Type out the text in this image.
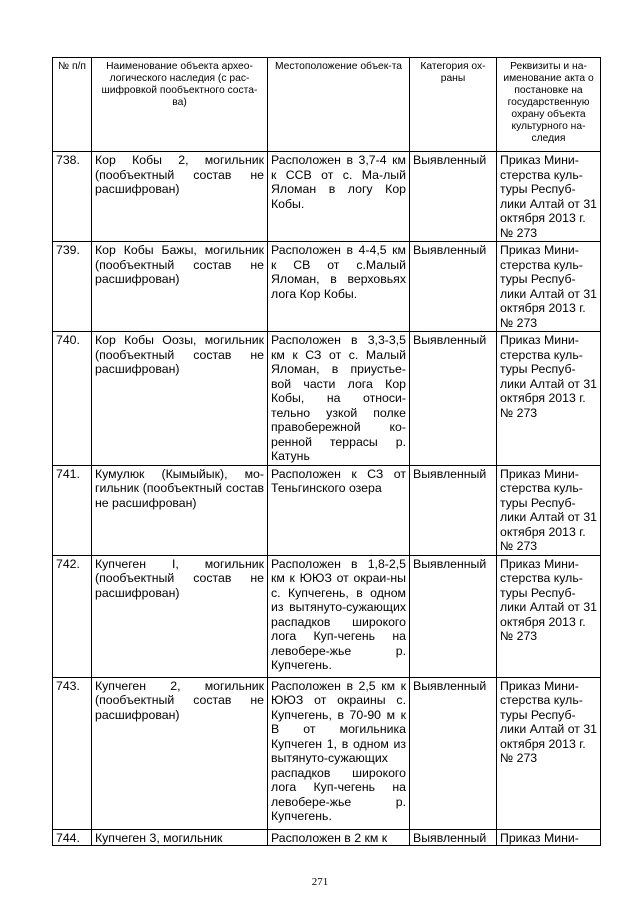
№ п/п	Наименование объекта архео-логического наследия (с рас-шифровкой пообъектного соста-ва)	Местоположение объек-та	Категория ох-раны	Реквизиты и на-именование акта о постановке на государственную охрану объекта культурного на-следия
738.	Кор Кобы 2, могильник (пообъектный состав не расшифрован)	Расположен в 3,7-4 км к ССВ от с. Ма-лый Яломан в логу Кор Кобы.	Выявленный	Приказ Мини-стерства куль-туры Респуб-лики Алтай от 31 октября 2013 г. № 273
739.	Кор Кобы Бажы, могильник (пообъектный состав не расшифрован)	Расположен в 4-4,5 км к СВ от с.Малый Яломан, в верховьях лога Кор Кобы.	Выявленный	Приказ Мини-стерства куль-туры Респуб-лики Алтай от 31 октября 2013 г. № 273
740.	Кор Кобы Оозы, могильник (пообъектный состав не расшифрован)	Расположен в 3,3-3,5 км к СЗ от с. Малый Яломан, в приустье-вой части лога Кор Кобы, на относи-тельно узкой полке правобережной ко-ренной террасы р. Катунь	Выявленный	Приказ Мини-стерства куль-туры Респуб-лики Алтай от 31 октября 2013 г. № 273
741.	Кумулюк (Кымыйык), мо-гильник (пообъектный состав не расшифрован)	Расположен к СЗ от Теньгинского озера	Выявленный	Приказ Мини-стерства куль-туры Респуб-лики Алтай от 31 октября 2013 г. № 273
742.	Купчеген I, могильник (пообъектный состав не расшифрован)	Расположен в 1,8-2,5 км к ЮЮЗ от окраи-ны с. Купчегень, в одном из вытянуто-сужающих распадков широкого лога Куп-чегень на левобере-жье р. Купчегень.	Выявленный	Приказ Мини-стерства куль-туры Респуб-лики Алтай от 31 октября 2013 г. № 273
743.	Купчеген 2, могильник (пообъектный состав не расшифрован)	Расположен в 2,5 км к ЮЮЗ от окраины с. Купчегень, в 70-90 м к В от могильника Купчеген 1, в одном из вытянуто-сужающих распадков широкого лога Куп-чегень на левобере-жье р. Купчегень.	Выявленный	Приказ Мини-стерства куль-туры Респуб-лики Алтай от 31 октября 2013 г. № 273
744.	Купчеген 3, могильник	Расположен в 2 км к	Выявленный	Приказ Мини-
271
